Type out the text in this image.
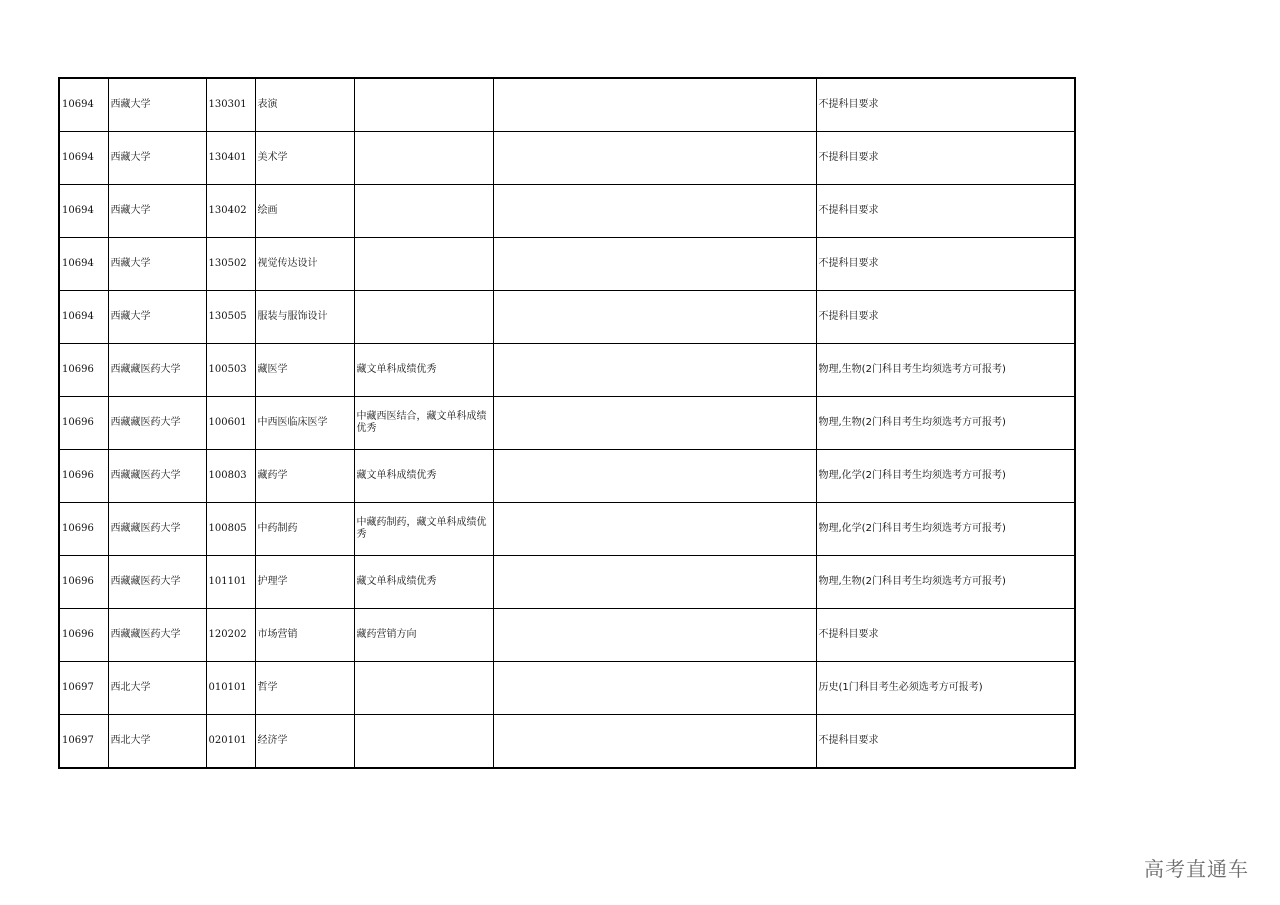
10694	西藏大学	130301	表演			不提科目要求
10694	西藏大学	130401	美术学			不提科目要求
10694	西藏大学	130402	绘画			不提科目要求
10694	西藏大学	130502	视觉传达设计			不提科目要求
10694	西藏大学	130505	服装与服饰设计			不提科目要求
10696	西藏藏医药大学	100503	藏医学	藏文单科成绩优秀		物理,生物(2门科目考生均须选考方可报考)
10696	西藏藏医药大学	100601	中西医临床医学	中藏西医结合，藏文单科成绩优秀		物理,生物(2门科目考生均须选考方可报考)
10696	西藏藏医药大学	100803	藏药学	藏文单科成绩优秀		物理,化学(2门科目考生均须选考方可报考)
10696	西藏藏医药大学	100805	中药制药	中藏药制药，藏文单科成绩优秀		物理,化学(2门科目考生均须选考方可报考)
10696	西藏藏医药大学	101101	护理学	藏文单科成绩优秀		物理,生物(2门科目考生均须选考方可报考)
10696	西藏藏医药大学	120202	市场营销	藏药营销方向		不提科目要求
10697	西北大学	010101	哲学			历史(1门科目考生必须选考方可报考)
10697	西北大学	020101	经济学			不提科目要求
高考直通车
